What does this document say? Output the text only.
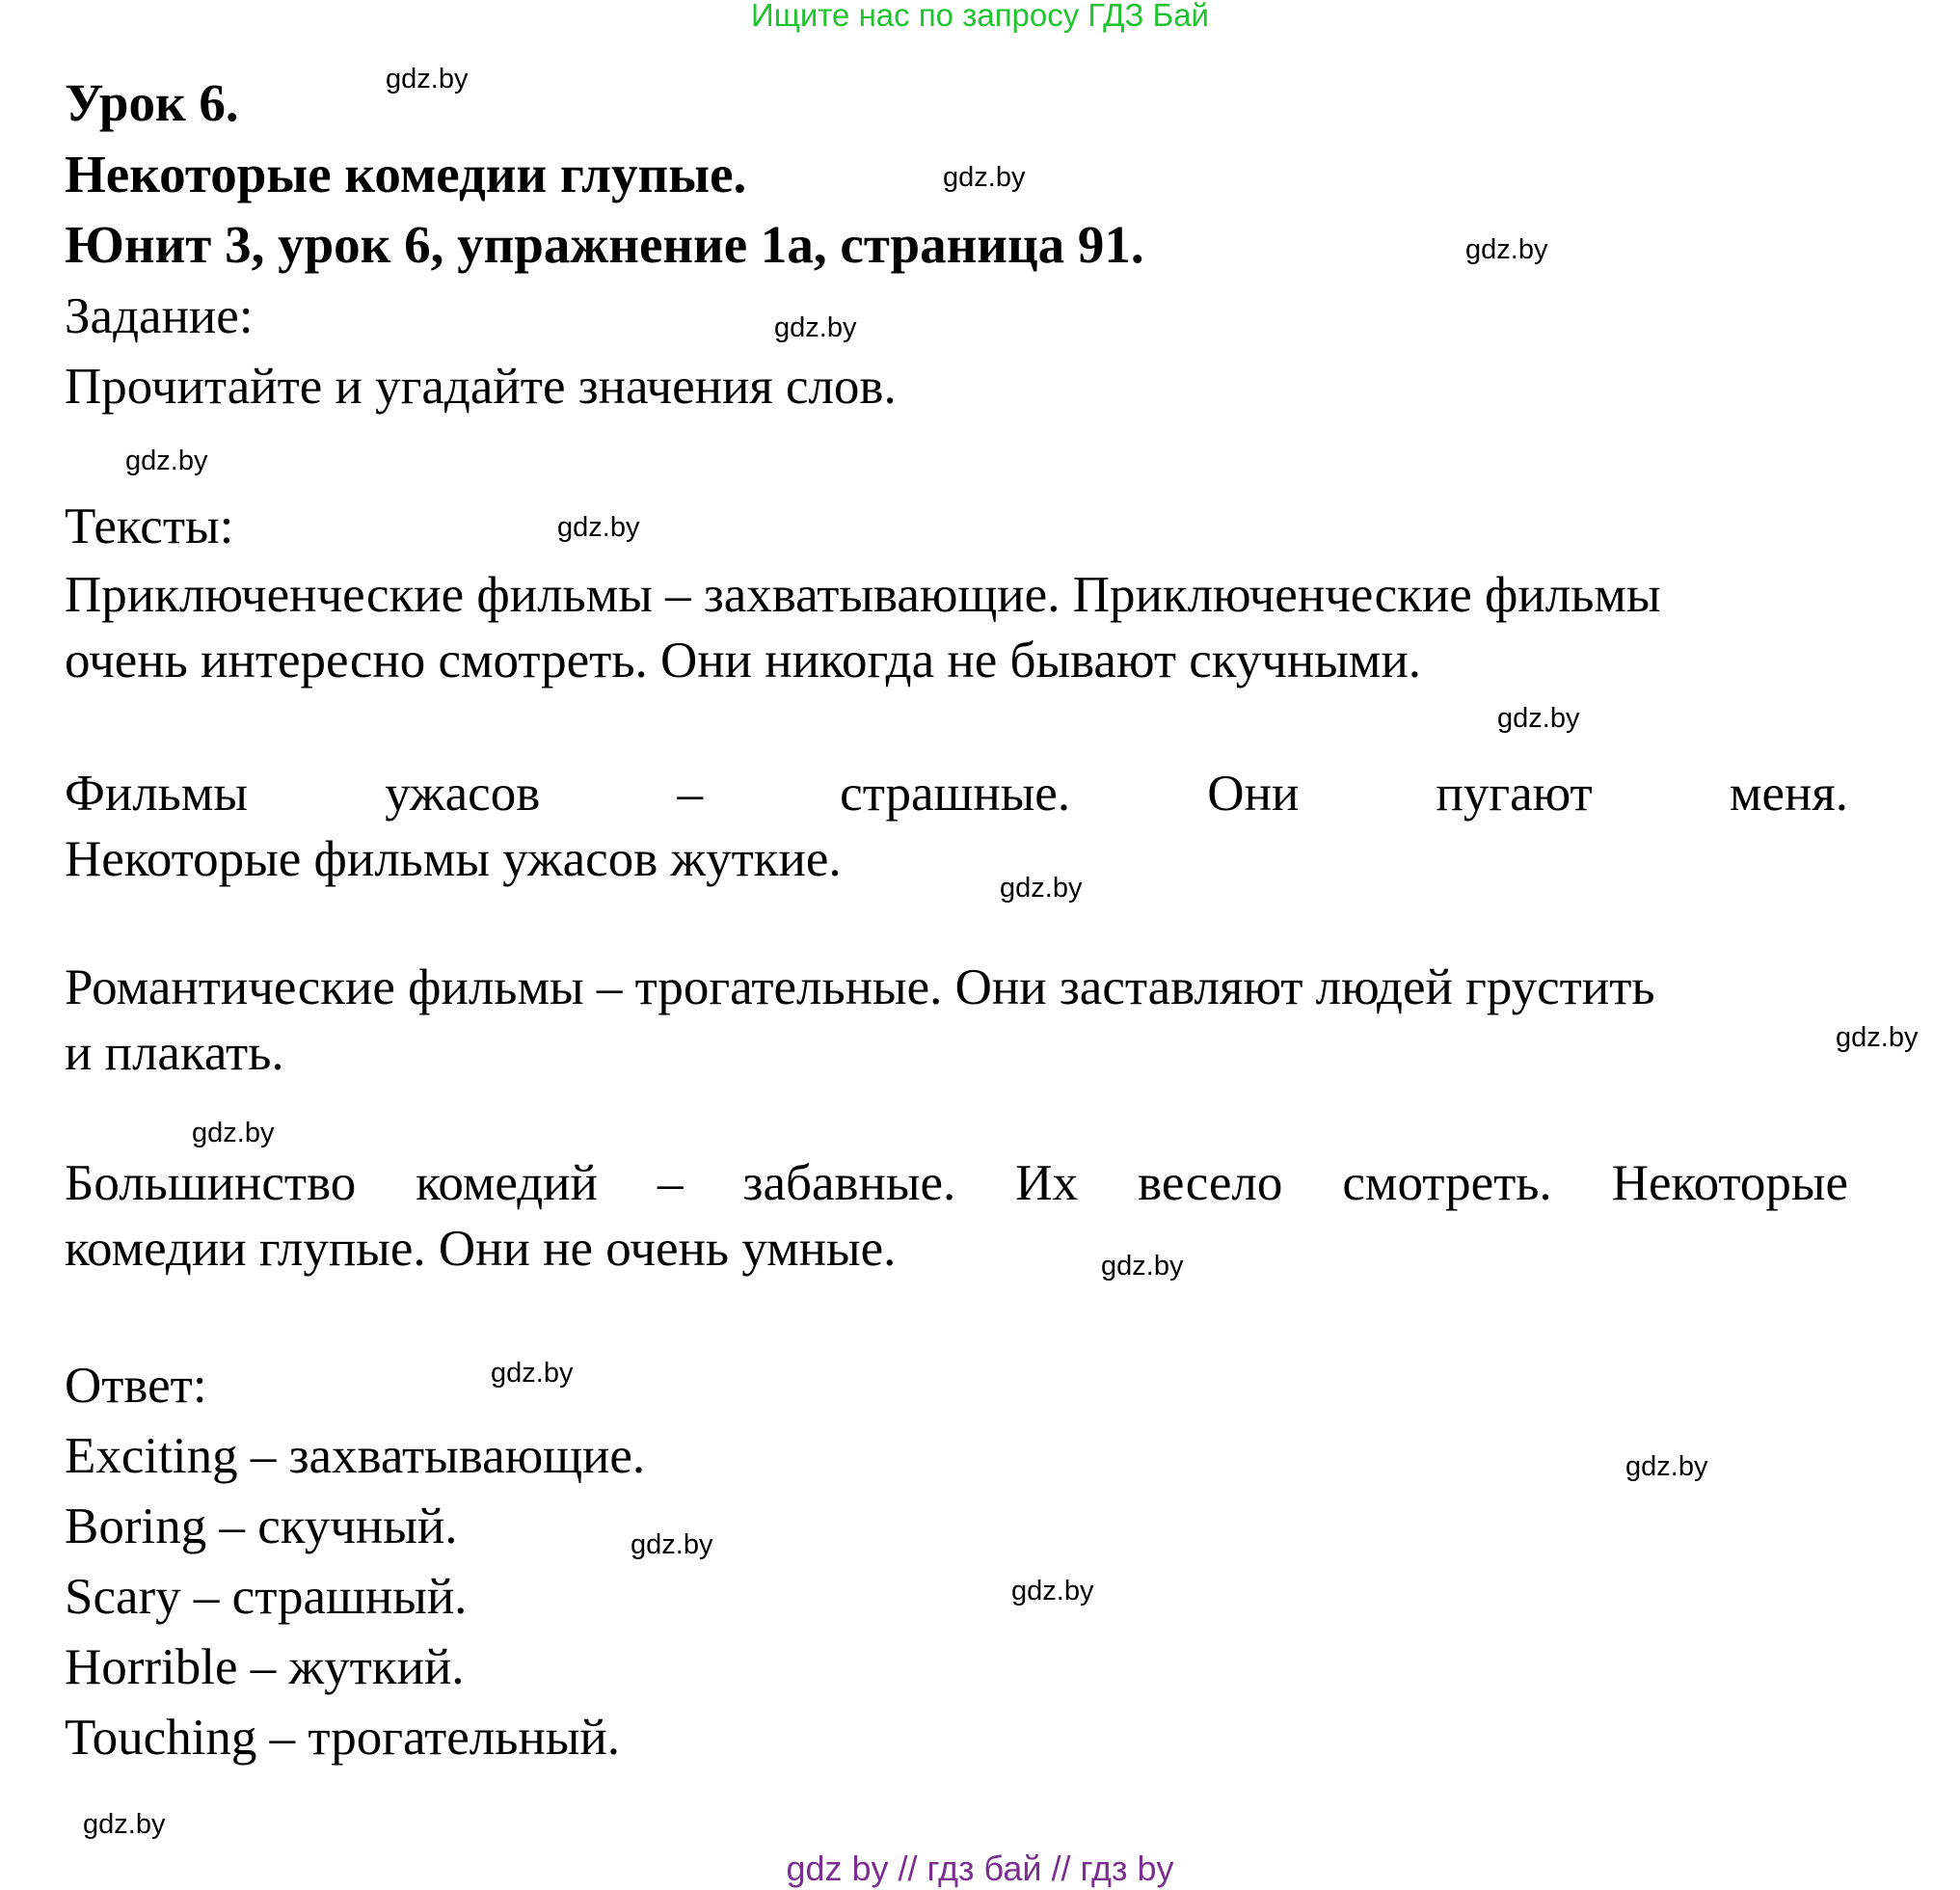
Ищите нас по запросу ГДЗ Бай
Урок 6.
Некоторые комедии глупые.
Юнит 3, урок 6, упражнение 1а, страница 91.
Задание:
Прочитайте и угадайте значения слов.
Тексты:
Приключенческие фильмы – захватывающие. Приключенческие фильмы
очень интересно смотреть. Они никогда не бывают скучными.
Фильмы ужасов – страшные. Они пугают меня.
Некоторые фильмы ужасов жуткие.
Романтические фильмы – трогательные. Они заставляют людей грустить
и плакать.
Большинство комедий – забавные. Их весело смотреть. Некоторые
комедии глупые. Они не очень умные.
Ответ:
Exciting – захватывающие.
Boring – скучный.
Scary – страшный.
Horrible – жуткий.
Touching – трогательный.
gdz.by
gdz.by
gdz.by
gdz.by
gdz.by
gdz.by
gdz.by
gdz.by
gdz.by
gdz.by
gdz.by
gdz.by
gdz.by
gdz.by
gdz.by
gdz.by
gdz by // гдз бай // гдз by
